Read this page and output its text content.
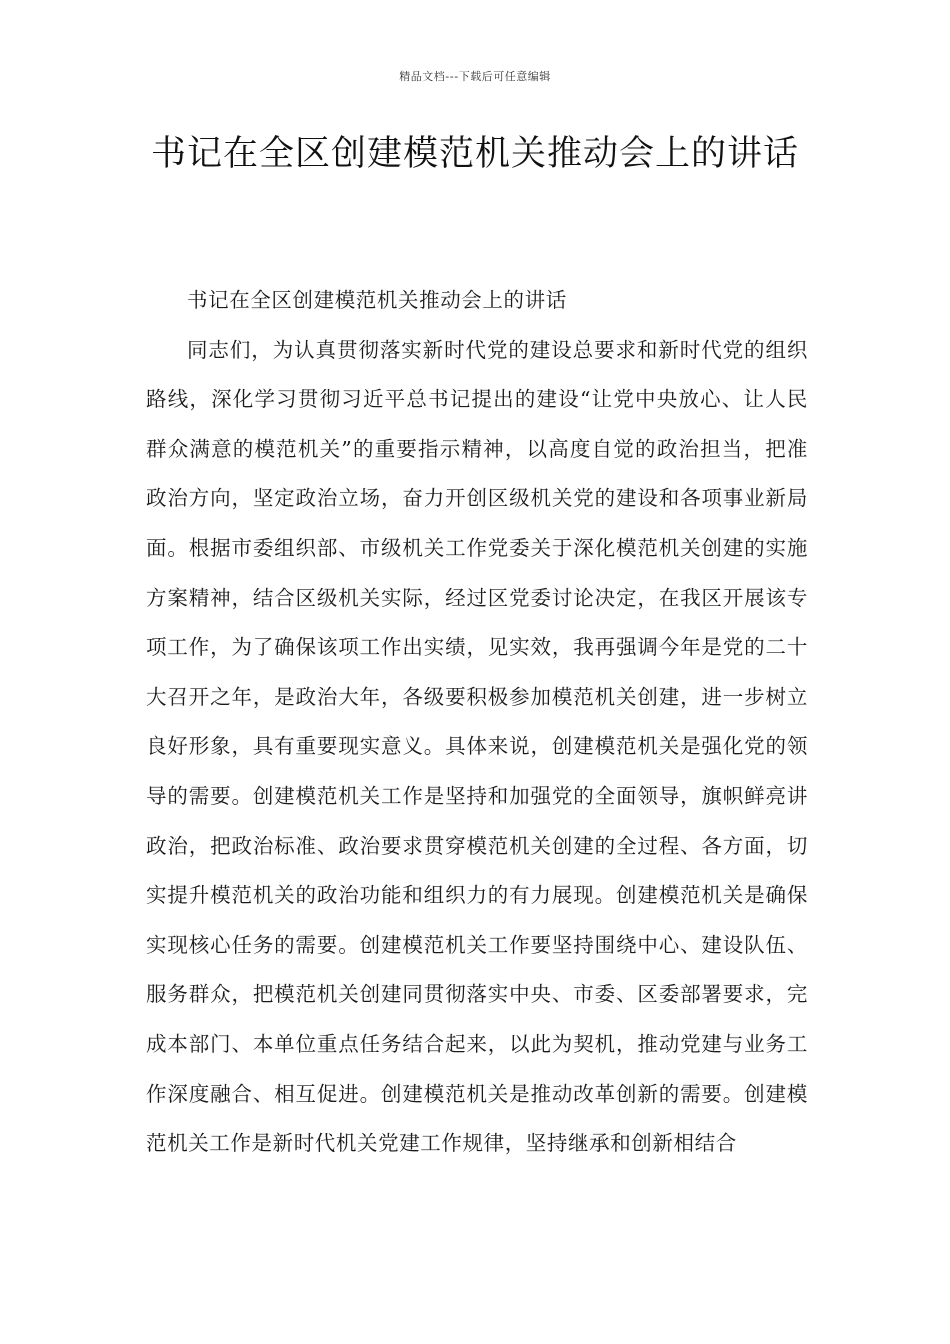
精品文档---下载后可任意编辑
书记在全区创建模范机关推动会上的讲话

书记在全区创建模范机关推动会上的讲话

同志们，为认真贯彻落实新时代党的建设总要求和新时代党的组织路线，深化学习贯彻习近平总书记提出的建设“让党中央放心、让人民群众满意的模范机关”的重要指示精神，以高度自觉的政治担当，把准政治方向，坚定政治立场，奋力开创区级机关党的建设和各项事业新局面。根据市委组织部、市级机关工作党委关于深化模范机关创建的实施方案精神，结合区级机关实际，经过区党委讨论决定，在我区开展该专项工作，为了确保该项工作出实绩，见实效，我再强调今年是党的二十大召开之年，是政治大年，各级要积极参加模范机关创建，进一步树立良好形象，具有重要现实意义。具体来说，创建模范机关是强化党的领导的需要。创建模范机关工作是坚持和加强党的全面领导，旗帜鲜亮讲政治，把政治标准、政治要求贯穿模范机关创建的全过程、各方面，切实提升模范机关的政治功能和组织力的有力展现。创建模范机关是确保实现核心任务的需要。创建模范机关工作要坚持围绕中心、建设队伍、服务群众，把模范机关创建同贯彻落实中央、市委、区委部署要求，完成本部门、本单位重点任务结合起来，以此为契机，推动党建与业务工作深度融合、相互促进。创建模范机关是推动改革创新的需要。创建模范机关工作是新时代机关党建工作规律，坚持继承和创新相结合
